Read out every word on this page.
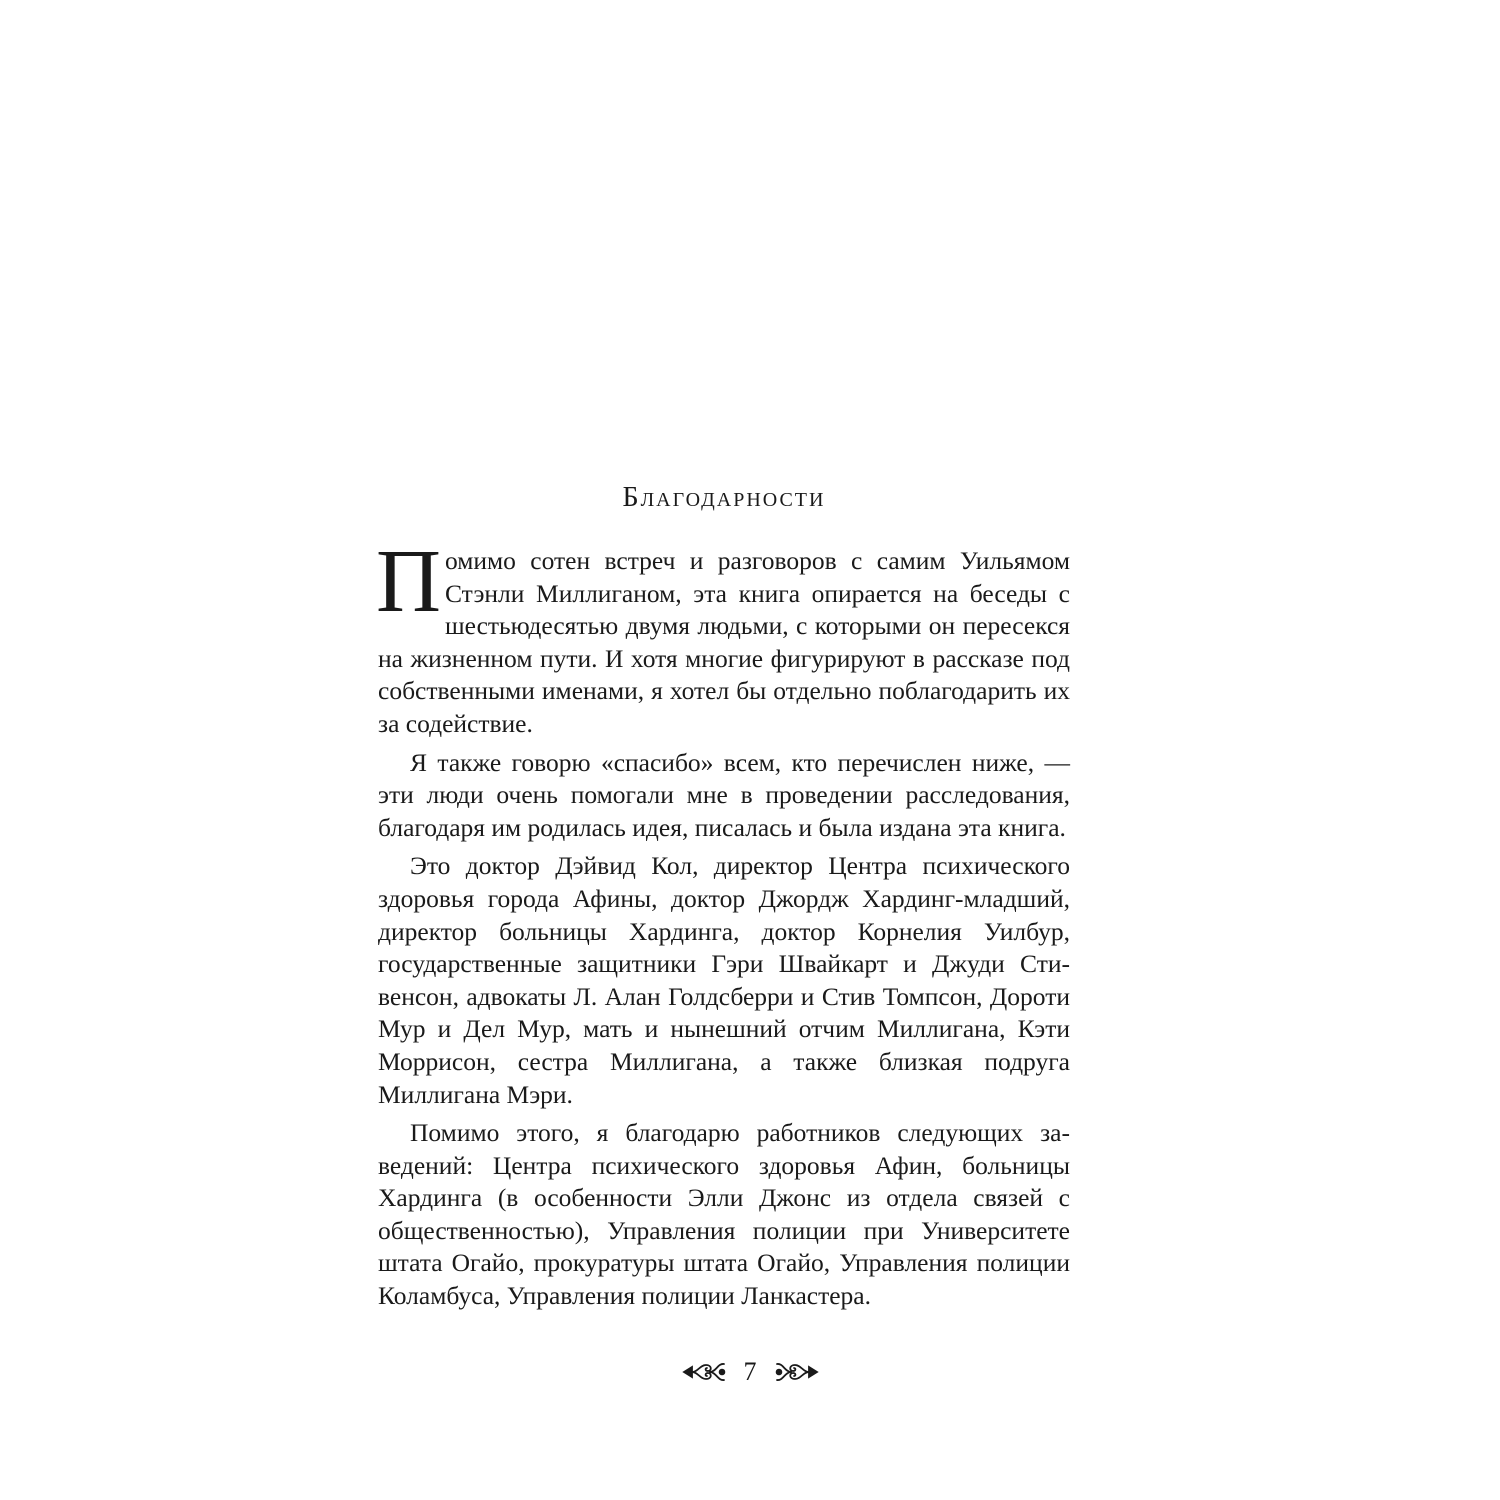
Благодарности

Помимо сотен встреч и разговоров с самим Уильямом Стэнли Миллиганом, эта книга опирается на беседы с шестьюдесятью двумя людьми, с которыми он пересекся на жизненном пути. И хотя многие фигурируют в рассказе под собственными именами, я хотел бы отдельно поблагодарить их за содействие.

Я также говорю «спасибо» всем, кто перечислен ниже, — эти люди очень помогали мне в проведении расследования, благодаря им родилась идея, писалась и была издана эта книга.

Это доктор Дэйвид Кол, директор Центра психического здоровья города Афины, доктор Джордж Хардинг-младший, директор больницы Хардинга, доктор Корнелия Уилбур, государственные защитники Гэри Швайкарт и Джуди Стивенсон, адвокаты Л. Алан Голдсберри и Стив Томпсон, Дороти Мур и Дел Мур, мать и нынешний отчим Миллигана, Кэти Моррисон, сестра Миллигана, а также близкая подруга Миллигана Мэри.

Помимо этого, я благодарю работников следующих заведений: Центра психического здоровья Афин, больницы Хардинга (в особенности Элли Джонс из отдела связей с общественностью), Управления полиции при Университете штата Огайо, прокуратуры штата Огайо, Управления полиции Коламбуса, Управления полиции Ланкастера.

7
